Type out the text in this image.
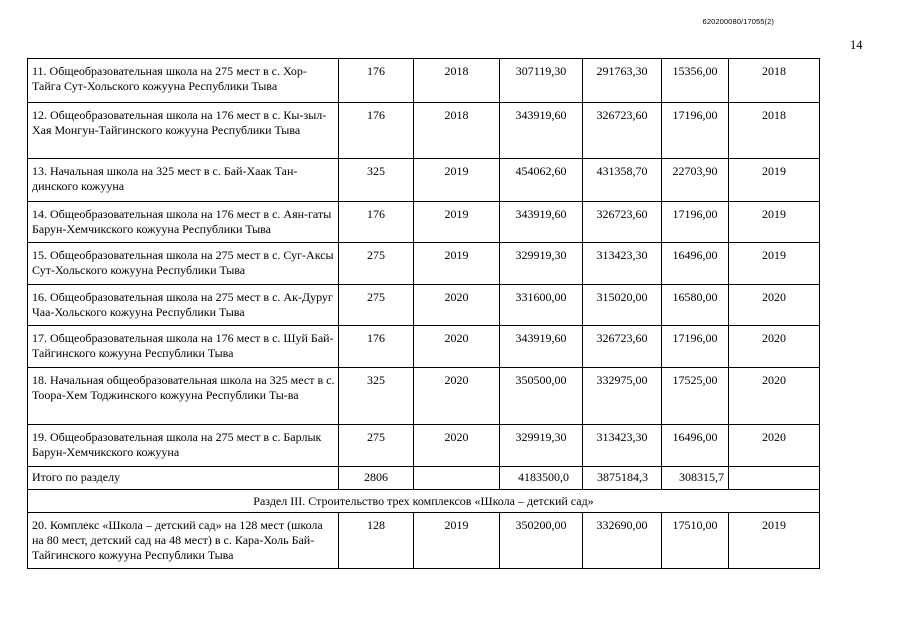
620200080/17055(2)
14
11. Общеобразовательная школа на 275 мест в с. Хор-Тайга Сут-Хольского кожууна Республики Тыва	176	2018	307119,30	291763,30	15356,00	2018
12. Общеобразовательная школа на 176 мест в с. Кы-зыл-Хая Монгун-Тайгинского кожууна Республики Тыва	176	2018	343919,60	326723,60	17196,00	2018
13. Начальная школа на 325 мест в с. Бай-Хаак Тан-динского кожууна	325	2019	454062,60	431358,70	22703,90	2019
14. Общеобразовательная школа на 176 мест в с. Аян-гаты Барун-Хемчикского кожууна Республики Тыва	176	2019	343919,60	326723,60	17196,00	2019
15. Общеобразовательная школа на 275 мест в с. Суг-Аксы Сут-Хольского кожууна Республики Тыва	275	2019	329919,30	313423,30	16496,00	2019
16. Общеобразовательная школа на 275 мест в с. Ак-Дуруг Чаа-Хольского кожууна Республики Тыва	275	2020	331600,00	315020,00	16580,00	2020
17. Общеобразовательная школа на 176 мест в с. Шуй Бай-Тайгинского кожууна Республики Тыва	176	2020	343919,60	326723,60	17196,00	2020
18. Начальная общеобразовательная школа на 325 мест в с. Тоора-Хем Тоджинского кожууна Республики Ты-ва	325	2020	350500,00	332975,00	17525,00	2020
19. Общеобразовательная школа на 275 мест в с. Барлык Барун-Хемчикского кожууна	275	2020	329919,30	313423,30	16496,00	2020
Итого по разделу	2806		4183500,0	3875184,3	308315,7	
Раздел III. Строительство трех комплексов «Школа – детский сад»						
20. Комплекс «Школа – детский сад» на 128 мест (школа на 80 мест, детский сад на 48 мест) в с. Кара-Холь Бай-Тайгинского кожууна Республики Тыва	128	2019	350200,00	332690,00	17510,00	2019
